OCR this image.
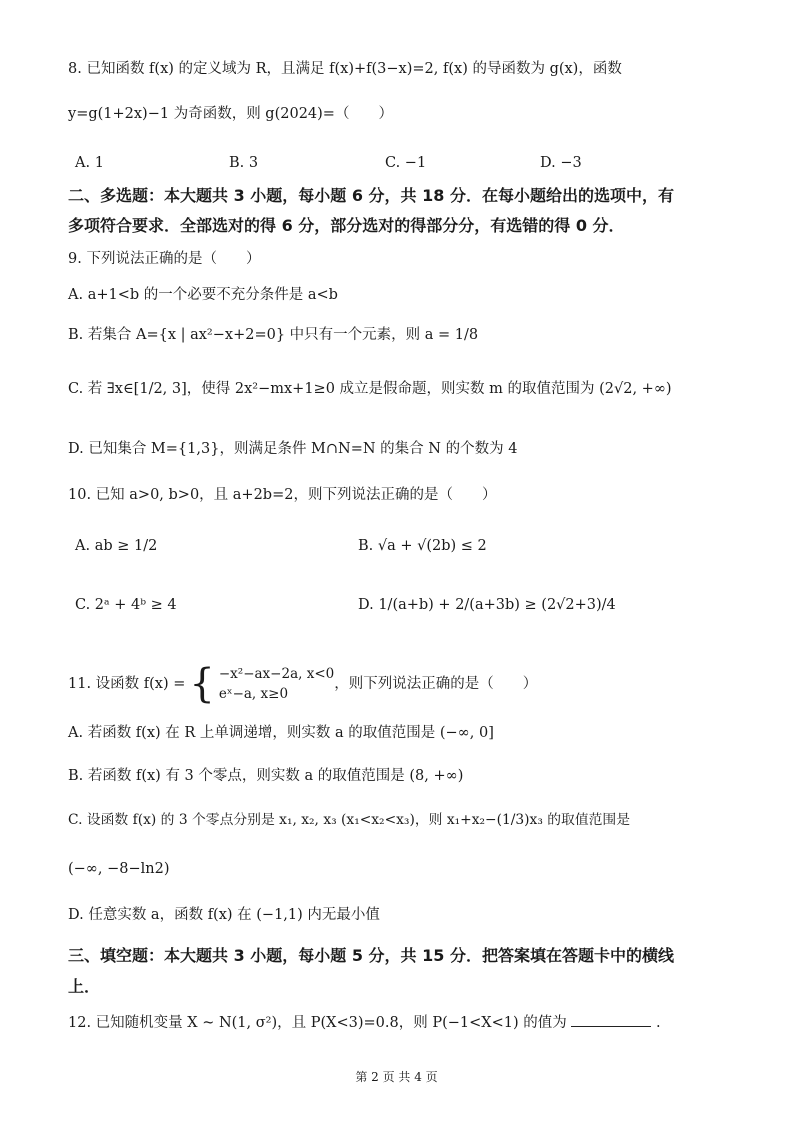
8. 已知函数 f(x) 的定义域为 R，且满足 f(x)+f(3−x)=2, f(x) 的导函数为 g(x)，函数
y=g(1+2x)−1 为奇函数，则 g(2024)=（　　）
A. 1	B. 3	C. −1	D. −3
二、多选题：本大题共 3 小题，每小题 6 分，共 18 分．在每小题给出的选项中，有
多项符合要求．全部选对的得 6 分，部分选对的得部分分，有选错的得 0 分．
9. 下列说法正确的是（　　）
A. a+1<b 的一个必要不充分条件是 a<b
B. 若集合 A={x | ax²−x+2=0} 中只有一个元素，则 a = 1/8
C. 若 ∃x∈[1/2, 3]，使得 2x²−mx+1≥0 成立是假命题，则实数 m 的取值范围为 (2√2, +∞)
D. 已知集合 M={1,3}，则满足条件 M∩N=N 的集合 N 的个数为 4
10. 已知 a>0, b>0，且 a+2b=2，则下列说法正确的是（　　）
A. ab ≥ 1/2	B. √a + √(2b) ≤ 2
C. 2ᵃ + 4ᵇ ≥ 4	D. 1/(a+b) + 2/(a+3b) ≥ (2√2+3)/4
11. 设函数 f(x) = { −x²−ax−2a, x<0
eˣ−a, x≥0
，则下列说法正确的是（　　）
A. 若函数 f(x) 在 R 上单调递增，则实数 a 的取值范围是 (−∞, 0]
B. 若函数 f(x) 有 3 个零点，则实数 a 的取值范围是 (8, +∞)
C. 设函数 f(x) 的 3 个零点分别是 x₁, x₂, x₃ (x₁<x₂<x₃)，则 x₁+x₂−(1/3)x₃ 的取值范围是
(−∞, −8−ln2)
D. 任意实数 a，函数 f(x) 在 (−1,1) 内无最小值
三、填空题：本大题共 3 小题，每小题 5 分，共 15 分．把答案填在答题卡中的横线
上．
12. 已知随机变量 X ~ N(1, σ²)，且 P(X<3)=0.8，则 P(−1<X<1) 的值为	.
第 2 页 共 4 页
